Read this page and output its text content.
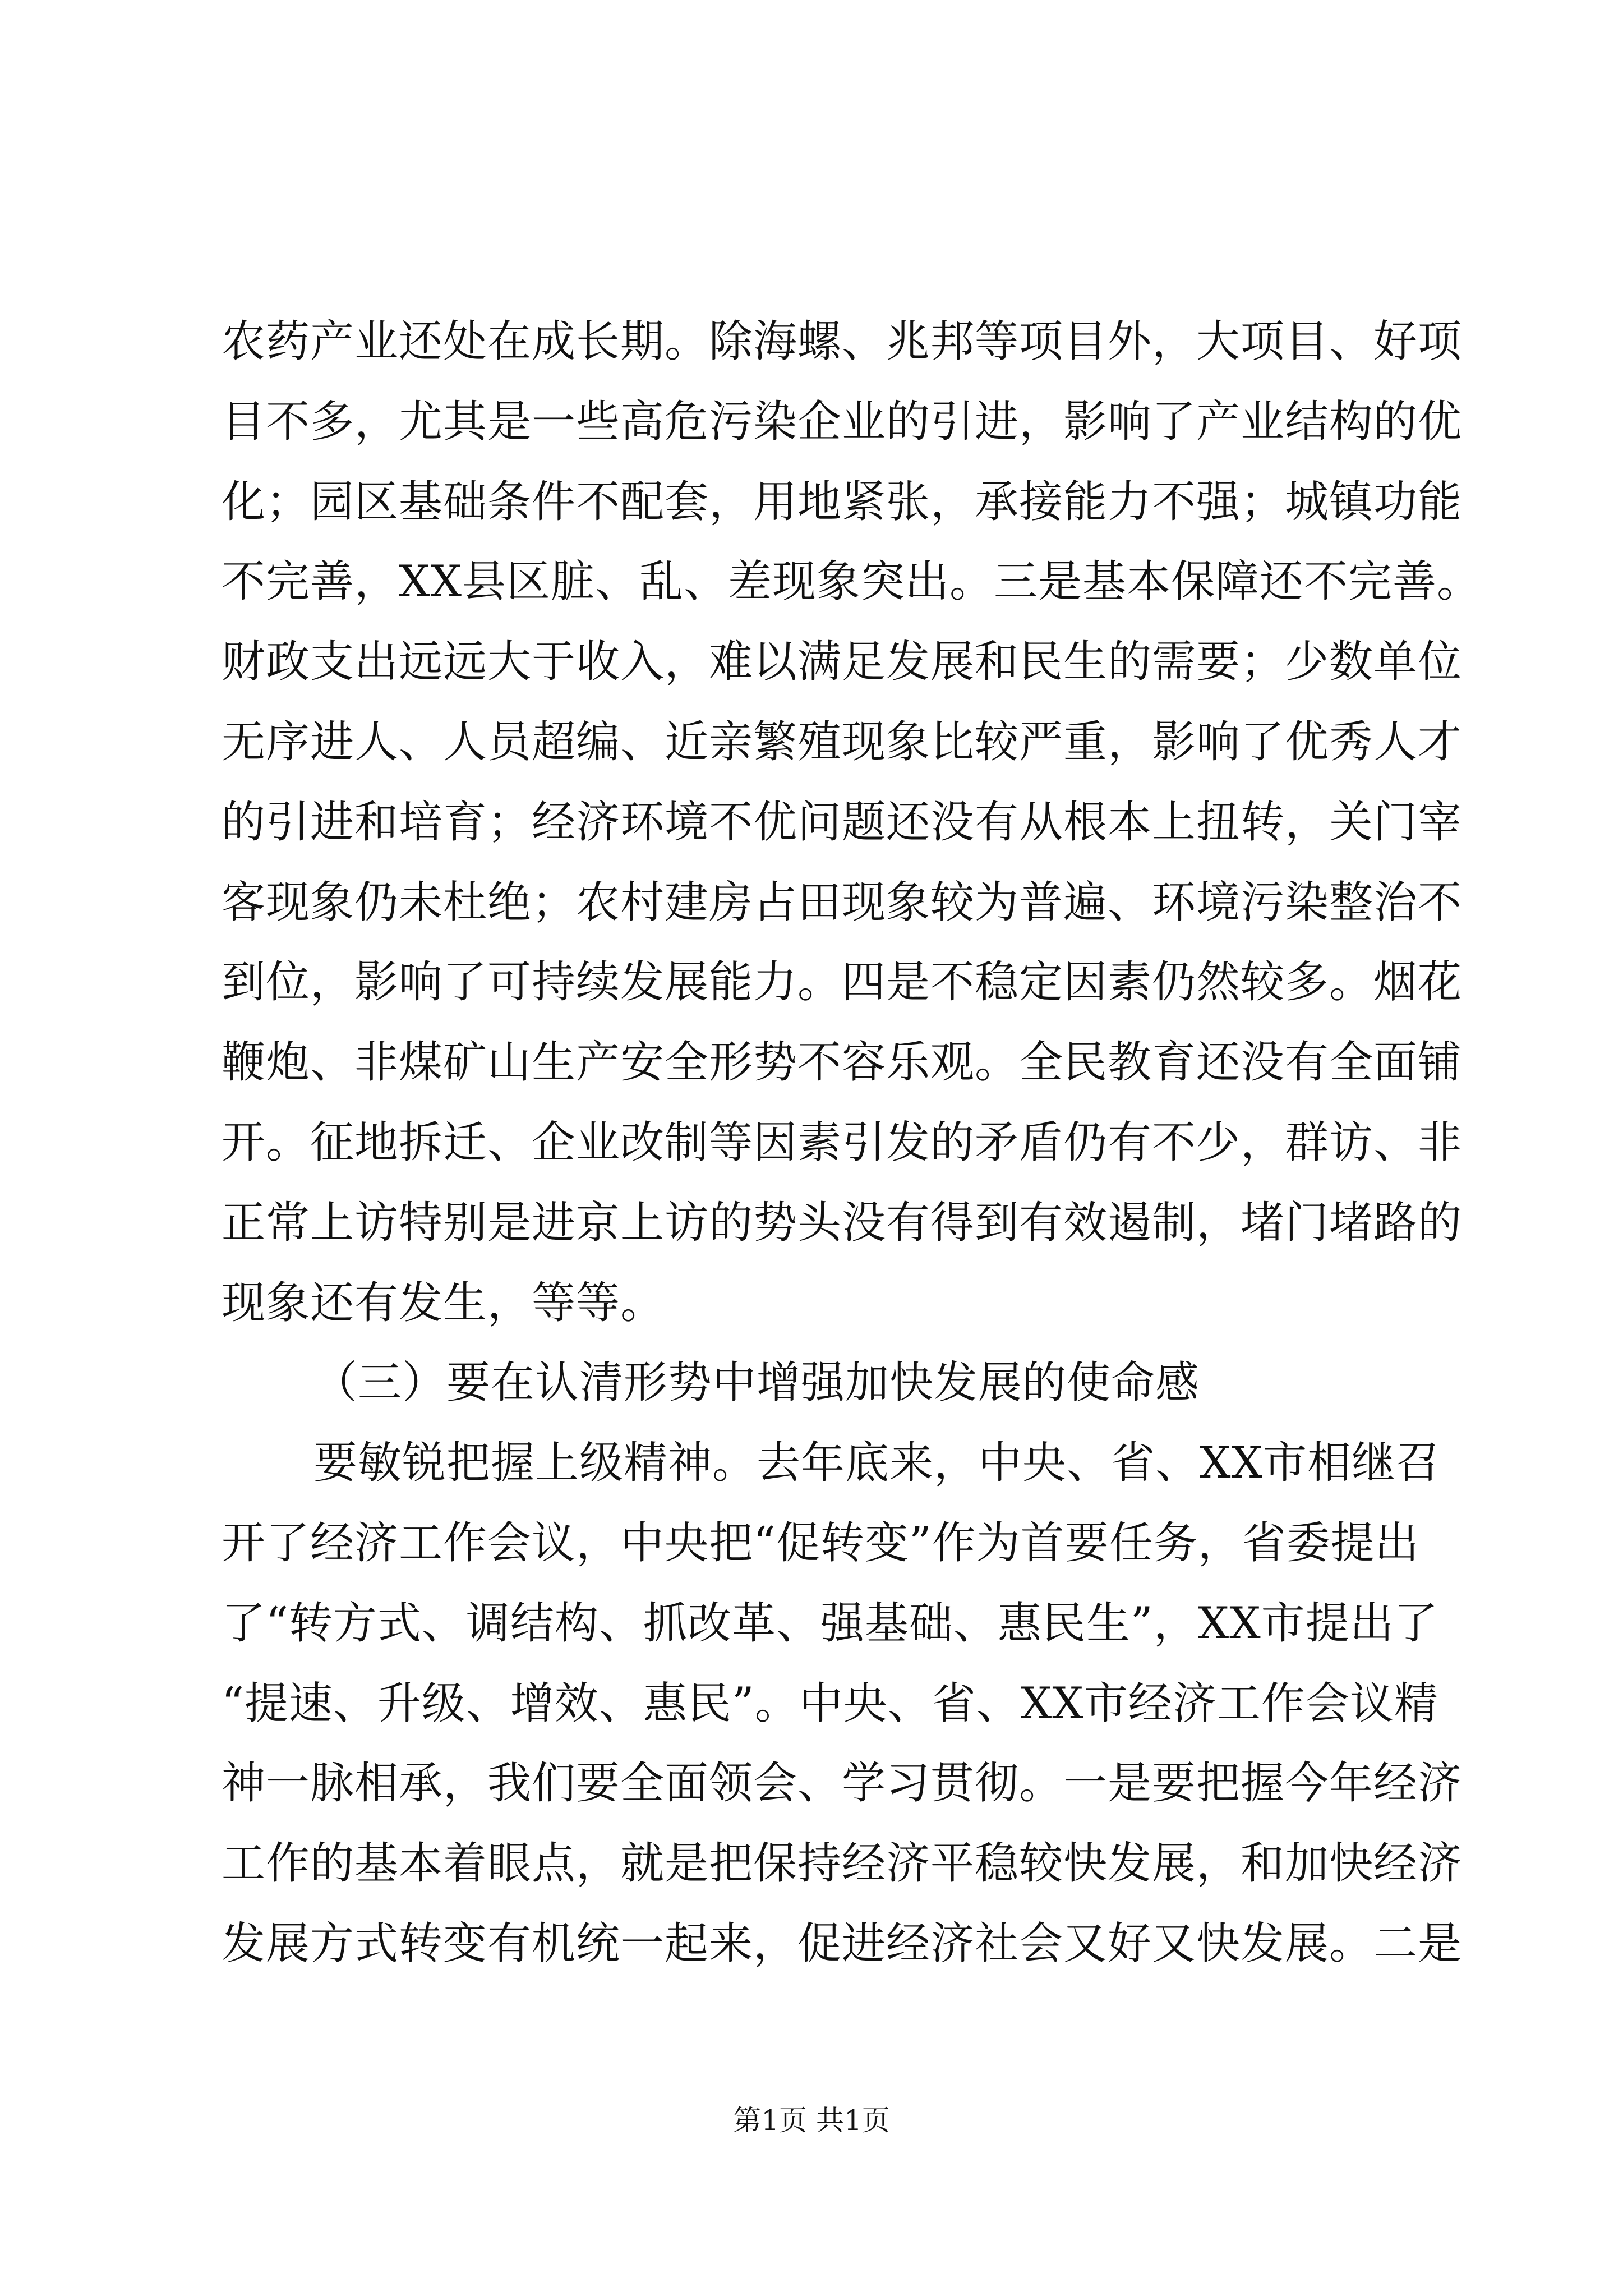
农药产业还处在成长期。除海螺、兆邦等项目外，大项目、好项
目不多，尤其是一些高危污染企业的引进，影响了产业结构的优
化；园区基础条件不配套，用地紧张，承接能力不强；城镇功能
不完善，XX县区脏、乱、差现象突出。三是基本保障还不完善。
财政支出远远大于收入，难以满足发展和民生的需要；少数单位
无序进人、人员超编、近亲繁殖现象比较严重，影响了优秀人才
的引进和培育；经济环境不优问题还没有从根本上扭转，关门宰
客现象仍未杜绝；农村建房占田现象较为普遍、环境污染整治不
到位，影响了可持续发展能力。四是不稳定因素仍然较多。烟花
鞭炮、非煤矿山生产安全形势不容乐观。全民教育还没有全面铺
开。征地拆迁、企业改制等因素引发的矛盾仍有不少，群访、非
正常上访特别是进京上访的势头没有得到有效遏制，堵门堵路的
现象还有发生，等等。
（三）要在认清形势中增强加快发展的使命感
要敏锐把握上级精神。去年底来，中央、省、XX市相继召
开了经济工作会议，中央把“促转变”作为首要任务，省委提出
了“转方式、调结构、抓改革、强基础、惠民生”，XX市提出了
“提速、升级、增效、惠民”。中央、省、XX市经济工作会议精
神一脉相承，我们要全面领会、学习贯彻。一是要把握今年经济
工作的基本着眼点，就是把保持经济平稳较快发展，和加快经济
发展方式转变有机统一起来，促进经济社会又好又快发展。二是
第1页 共1页
